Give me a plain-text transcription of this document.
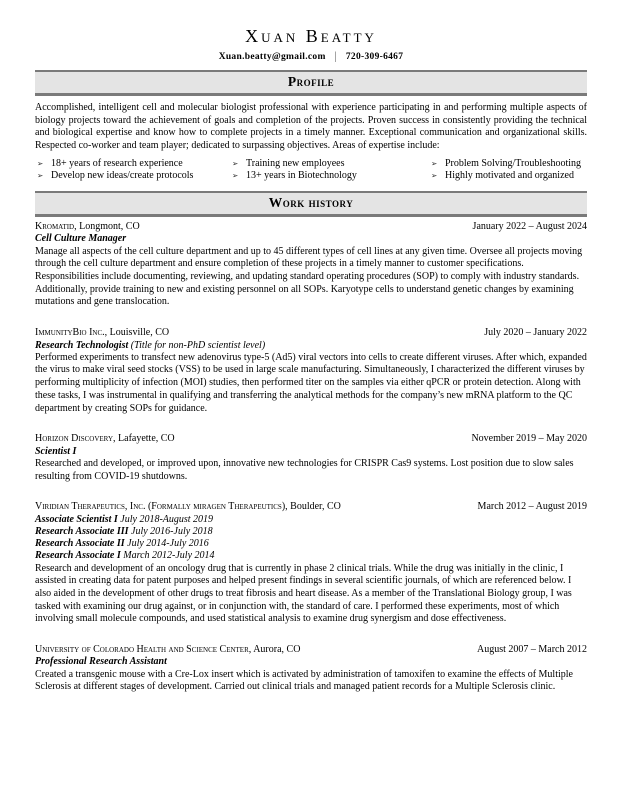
Xuan Beatty
Xuan.beatty@gmail.com | 720-309-6467
Profile

Accomplished, intelligent cell and molecular biologist professional with experience participating in and performing multiple aspects of biology projects toward the achievement of goals and completion of the projects. Proven success in consistently providing the technical and biological expertise and know how to complete projects in a timely manner. Exceptional communication and organizational skills. Respected co-worker and team player; dedicated to surpassing objectives. Areas of expertise include:

➢ 18+ years of research experience
➢ Develop new ideas/create protocols
➢ Training new employees
➢ 13+ years in Biotechnology
➢ Problem Solving/Troubleshooting
➢ Highly motivated and organized
Work history
Kromatid, Longmont, CO	January 2022 – August 2024
Cell Culture Manager

Manage all aspects of the cell culture department and up to 45 different types of cell lines at any given time. Oversee all projects moving through the cell culture department and ensure completion of these projects in a timely manner to customer specifications. Responsibilities include documenting, reviewing, and updating standard operating procedures (SOP) to comply with industry standards. Additionally, provide training to new and existing personnel on all SOPs. Karyotype cells to understand genetic changes by examining mutations and gene translocation.

ImmunityBio Inc., Louisville, CO	July 2020 – January 2022
Research Technologist (Title for non-PhD scientist level)

Performed experiments to transfect new adenovirus type-5 (Ad5) viral vectors into cells to create different viruses. After which, expanded the virus to make viral seed stocks (VSS) to be used in large scale manufacturing. Simultaneously, I characterized the different viruses by performing multiplicity of infection (MOI) studies, then performed titer on the samples via either qPCR or protein detection. Along with these tasks, I was instrumental in qualifying and transferring the analytical methods for the company’s new mRNA platform to the QC department by creating SOPs for guidance.

Horizon Discovery, Lafayette, CO	November 2019 – May 2020
Scientist I

Researched and developed, or improved upon, innovative new technologies for CRISPR Cas9 systems. Lost position due to slow sales resulting from COVID-19 shutdowns.

Viridian Therapeutics, Inc. (Formally miragen Therapeutics), Boulder, CO	March 2012 – August 2019
Associate Scientist I July 2018-August 2019
Research Associate III July 2016-July 2018
Research Associate II July 2014-July 2016
Research Associate I March 2012-July 2014

Research and development of an oncology drug that is currently in phase 2 clinical trials. While the drug was initially in the clinic, I assisted in creating data for patent purposes and helped present findings in several scientific journals, of which are referenced below. I also aided in the development of other drugs to treat fibrosis and heart disease. As a member of the Translational Biology group, I was tasked with examining our drug against, or in conjunction with, the standard of care. I performed these experiments, most of which involving small molecule compounds, and used statistical analysis to examine drug synergism and dose effectiveness.

University of Colorado Health and Science Center, Aurora, CO	August 2007 – March 2012
Professional Research Assistant

Created a transgenic mouse with a Cre-Lox insert which is activated by administration of tamoxifen to examine the effects of Multiple Sclerosis at different stages of development. Carried out clinical trials and managed patient records for a Multiple Sclerosis clinic.
